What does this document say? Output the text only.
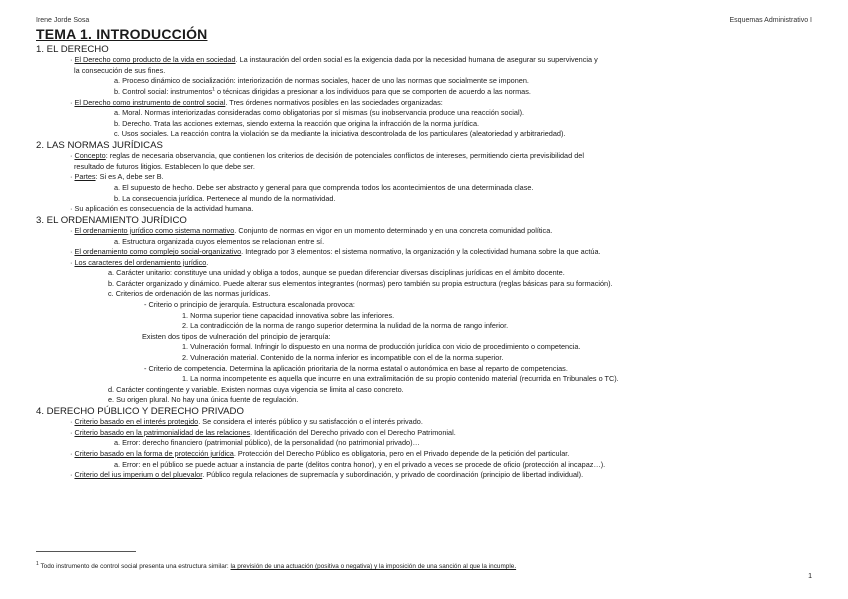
Irene Jorde Sosa	Esquemas Administrativo I
TEMA 1. INTRODUCCIÓN
1. EL DERECHO
· El Derecho como producto de la vida en sociedad. La instauración del orden social es la exigencia dada por la necesidad humana de asegurar su supervivencia y
la consecución de sus fines.
a. Proceso dinámico de socialización: interiorización de normas sociales, hacer de uno las normas que socialmente se imponen.
b. Control social: instrumentos$^1$ o técnicas dirigidas a presionar a los individuos para que se comporten de acuerdo a las normas.
· El Derecho como instrumento de control social. Tres órdenes normativos posibles en las sociedades organizadas:
a. Moral. Normas interiorizadas consideradas como obligatorias por sí mismas (su inobservancia produce una reacción social).
b. Derecho. Trata las acciones externas, siendo externa la reacción que origina la infracción de la norma jurídica.
c. Usos sociales. La reacción contra la violación se da mediante la iniciativa descontrolada de los particulares (aleatoriedad y arbitrariedad).
2. LAS NORMAS JURÍDICAS
· Concepto: reglas de necesaria observancia, que contienen los criterios de decisión de potenciales conflictos de intereses, permitiendo cierta previsibilidad del
resultado de futuros litigios. Establecen lo que debe ser.
· Partes: Si es A, debe ser B.
a. El supuesto de hecho. Debe ser abstracto y general para que comprenda todos los acontecimientos de una determinada clase.
b. La consecuencia jurídica. Pertenece al mundo de la normatividad.
· Su aplicación es consecuencia de la actividad humana.
3. EL ORDENAMIENTO JURÍDICO
· El ordenamiento jurídico como sistema normativo. Conjunto de normas en vigor en un momento determinado y en una concreta comunidad política.
a. Estructura organizada cuyos elementos se relacionan entre sí.
· El ordenamiento como complejo social-organizativo. Integrado por 3 elementos: el sistema normativo, la organización y la colectividad humana sobre la que actúa.
· Los caracteres del ordenamiento jurídico.
a. Carácter unitario: constituye una unidad y obliga a todos, aunque se puedan diferenciar diversas disciplinas jurídicas en el ámbito docente.
b. Carácter organizado y dinámico. Puede alterar sus elementos integrantes (normas) pero también su propia estructura (reglas básicas para su formación).
c. Criterios de ordenación de las normas jurídicas.
- Criterio o principio de jerarquía. Estructura escalonada provoca:
1. Norma superior tiene capacidad innovativa sobre las inferiores.
2. La contradicción de la norma de rango superior determina la nulidad de la norma de rango inferior.
Existen dos tipos de vulneración del principio de jerarquía:
1. Vulneración formal. Infringir lo dispuesto en una norma de producción jurídica con vicio de procedimiento o competencia.
2. Vulneración material. Contenido de la norma inferior es incompatible con el de la norma superior.
- Criterio de competencia. Determina la aplicación prioritaria de la norma estatal o autonómica en base al reparto de competencias.
1. La norma incompetente es aquella que incurre en una extralimitación de su propio contenido material (recurrida en Tribunales o TC).
d. Carácter contingente y variable. Existen normas cuya vigencia se limita al caso concreto.
e. Su origen plural. No hay una única fuente de regulación.
4. DERECHO PÚBLICO Y DERECHO PRIVADO
· Criterio basado en el interés protegido. Se considera el interés público y su satisfacción o el interés privado.
· Criterio basado en la patrimonialidad de las relaciones. Identificación del Derecho privado con el Derecho Patrimonial.
a. Error: derecho financiero (patrimonial público), de la personalidad (no patrimonial privado)…
· Criterio basado en la forma de protección jurídica. Protección del Derecho Público es obligatoria, pero en el Privado depende de la petición del particular.
a. Error: en el público se puede actuar a instancia de parte (delitos contra honor), y en el privado a veces se procede de oficio (protección al incapaz…).
· Criterio del ius imperium o del pluevalor. Público regula relaciones de supremacía y subordinación, y privado de coordinación (principio de libertad individual).
$^1$ Todo instrumento de control social presenta una estructura similar: la previsión de una actuación (positiva o negativa) y la imposición de una sanción al que la incumple.
1
